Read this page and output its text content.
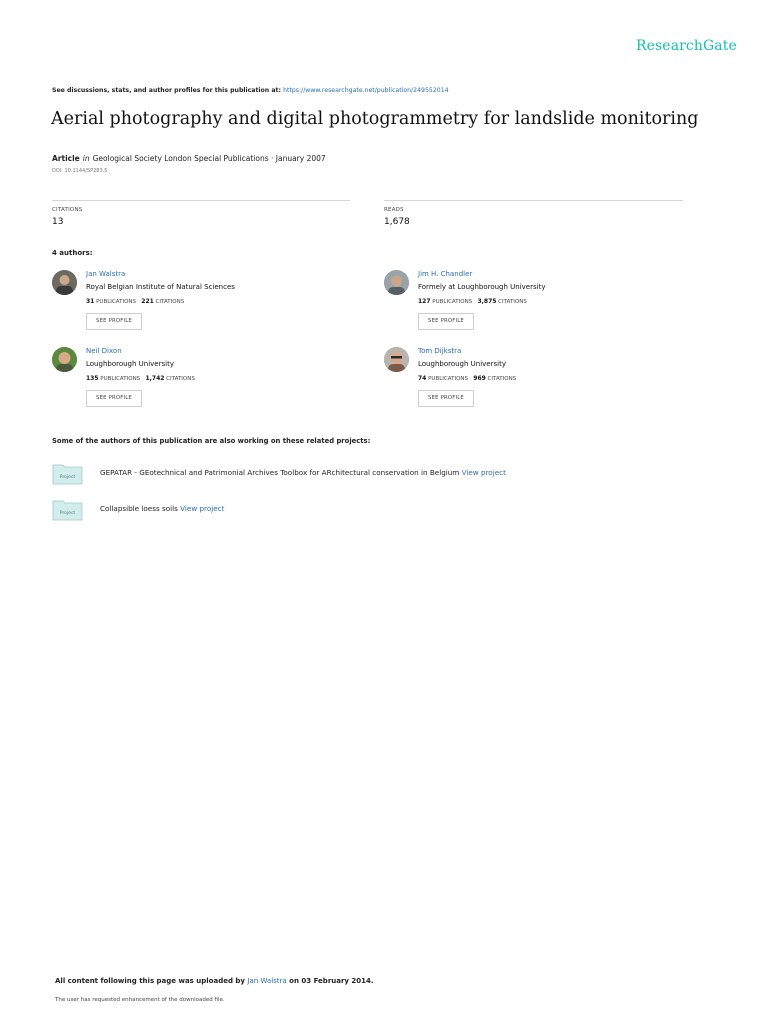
ResearchGate
See discussions, stats, and author profiles for this publication at: https://www.researchgate.net/publication/249552014
Aerial photography and digital photogrammetry for landslide monitoring
Article in Geological Society London Special Publications · January 2007
DOI: 10.1144/SP283.5
CITATIONS
13
READS
1,678
4 authors:
Jan Walstra
Royal Belgian Institute of Natural Sciences
31 PUBLICATIONS 221 CITATIONS
SEE PROFILE
Jim H. Chandler
Formely at Loughborough University
127 PUBLICATIONS 3,875 CITATIONS
SEE PROFILE
Neil Dixon
Loughborough University
135 PUBLICATIONS 1,742 CITATIONS
SEE PROFILE
Tom Dijkstra
Loughborough University
74 PUBLICATIONS 969 CITATIONS
SEE PROFILE
Some of the authors of this publication are also working on these related projects:
Project
GEPATAR - GEotechnical and Patrimonial Archives Toolbox for ARchitectural conservation in Belgium View project
Project
Collapsible loess soils View project
All content following this page was uploaded by Jan Walstra on 03 February 2014.
The user has requested enhancement of the downloaded file.
